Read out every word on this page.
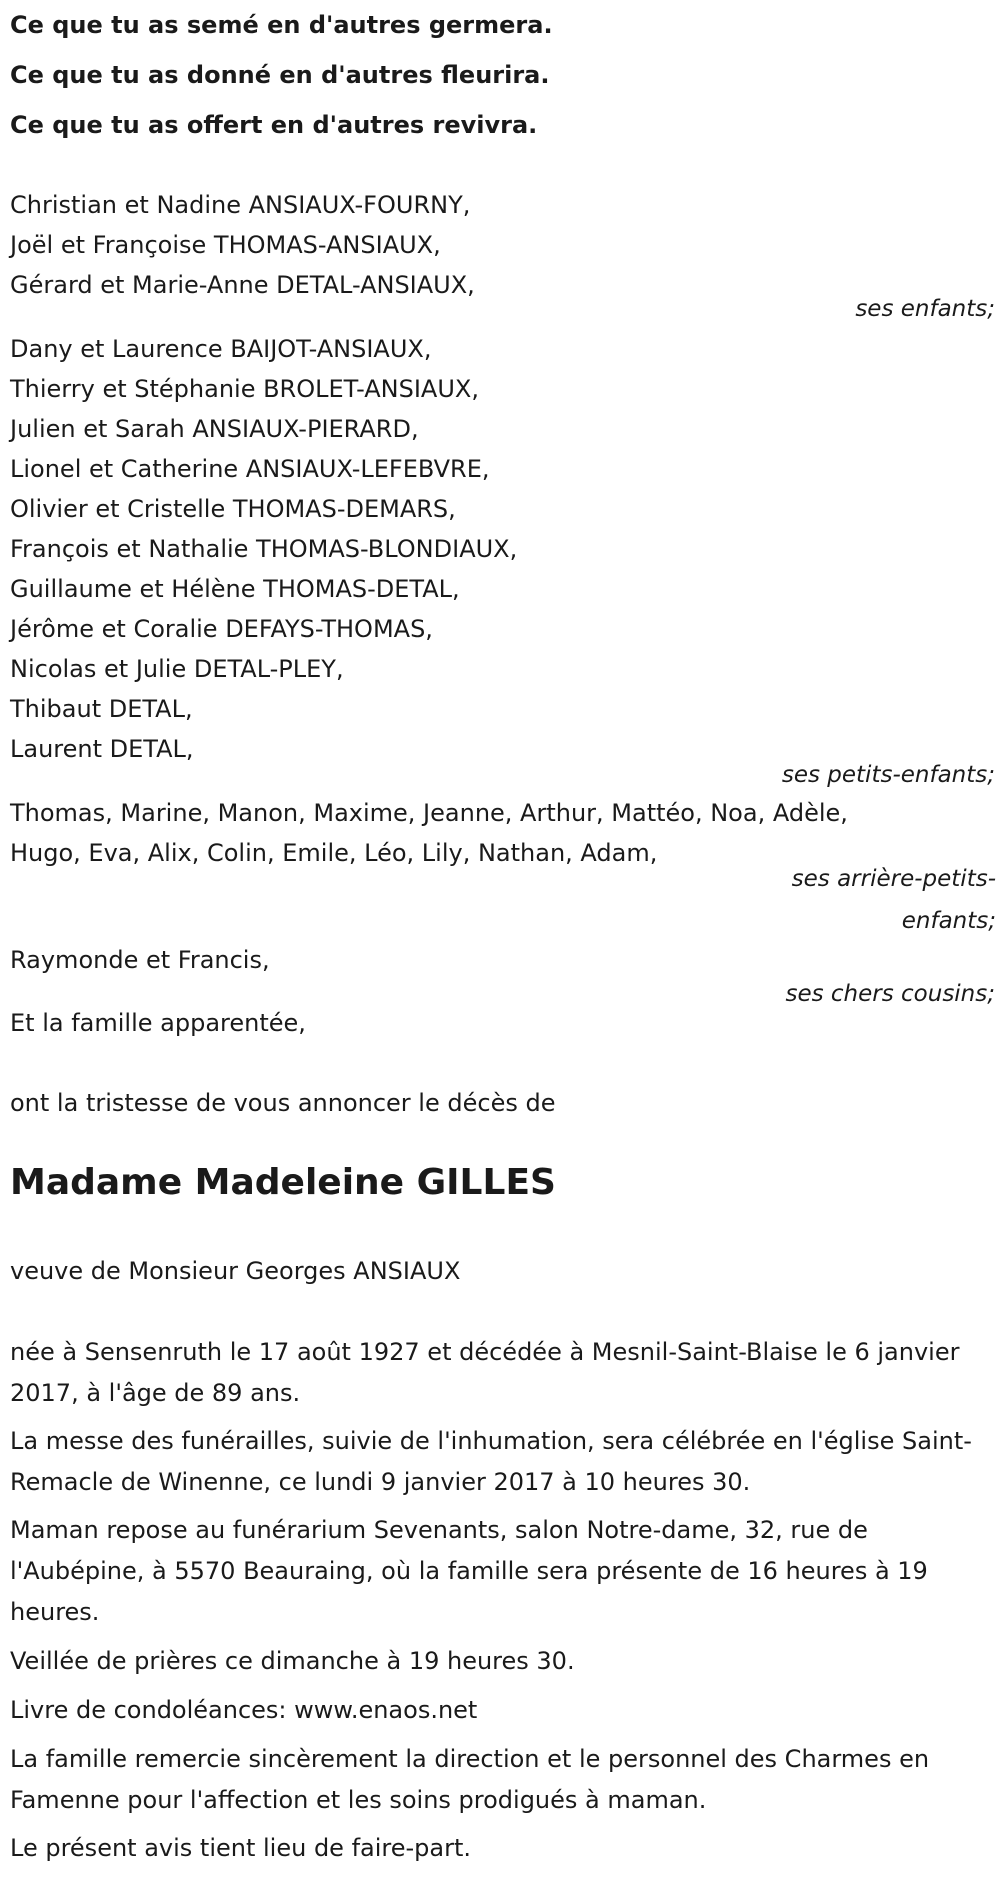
Ce que tu as semé en d'autres germera.
Ce que tu as donné en d'autres fleurira.
Ce que tu as offert en d'autres revivra.
Christian et Nadine ANSIAUX-FOURNY,
Joël et Françoise THOMAS-ANSIAUX,
Gérard et Marie-Anne DETAL-ANSIAUX,
ses enfants;
Dany et Laurence BAIJOT-ANSIAUX,
Thierry et Stéphanie BROLET-ANSIAUX,
Julien et Sarah ANSIAUX-PIERARD,
Lionel et Catherine ANSIAUX-LEFEBVRE,
Olivier et Cristelle THOMAS-DEMARS,
François et Nathalie THOMAS-BLONDIAUX,
Guillaume et Hélène THOMAS-DETAL,
Jérôme et Coralie DEFAYS-THOMAS,
Nicolas et Julie DETAL-PLEY,
Thibaut DETAL,
Laurent DETAL,
ses petits-enfants;
Thomas, Marine, Manon, Maxime, Jeanne, Arthur, Mattéo, Noa, Adèle,
Hugo, Eva, Alix, Colin, Emile, Léo, Lily, Nathan, Adam,
ses arrière-petits-enfants;
Raymonde et Francis,
ses chers cousins;
Et la famille apparentée,
ont la tristesse de vous annoncer le décès de
Madame Madeleine GILLES
veuve de Monsieur Georges ANSIAUX
née à Sensenruth le 17 août 1927 et décédée à Mesnil-Saint-Blaise le 6 janvier 2017, à l'âge de 89 ans.
La messe des funérailles, suivie de l'inhumation, sera célébrée en l'église Saint-Remacle de Winenne, ce lundi 9 janvier 2017 à 10 heures 30.
Maman repose au funérarium Sevenants, salon Notre-dame, 32, rue de l'Aubépine, à 5570 Beauraing, où la famille sera présente de 16 heures à 19 heures.
Veillée de prières ce dimanche à 19 heures 30.
Livre de condoléances: www.enaos.net
La famille remercie sincèrement la direction et le personnel des Charmes en Famenne pour l'affection et les soins prodigués à maman.
Le présent avis tient lieu de faire-part.
